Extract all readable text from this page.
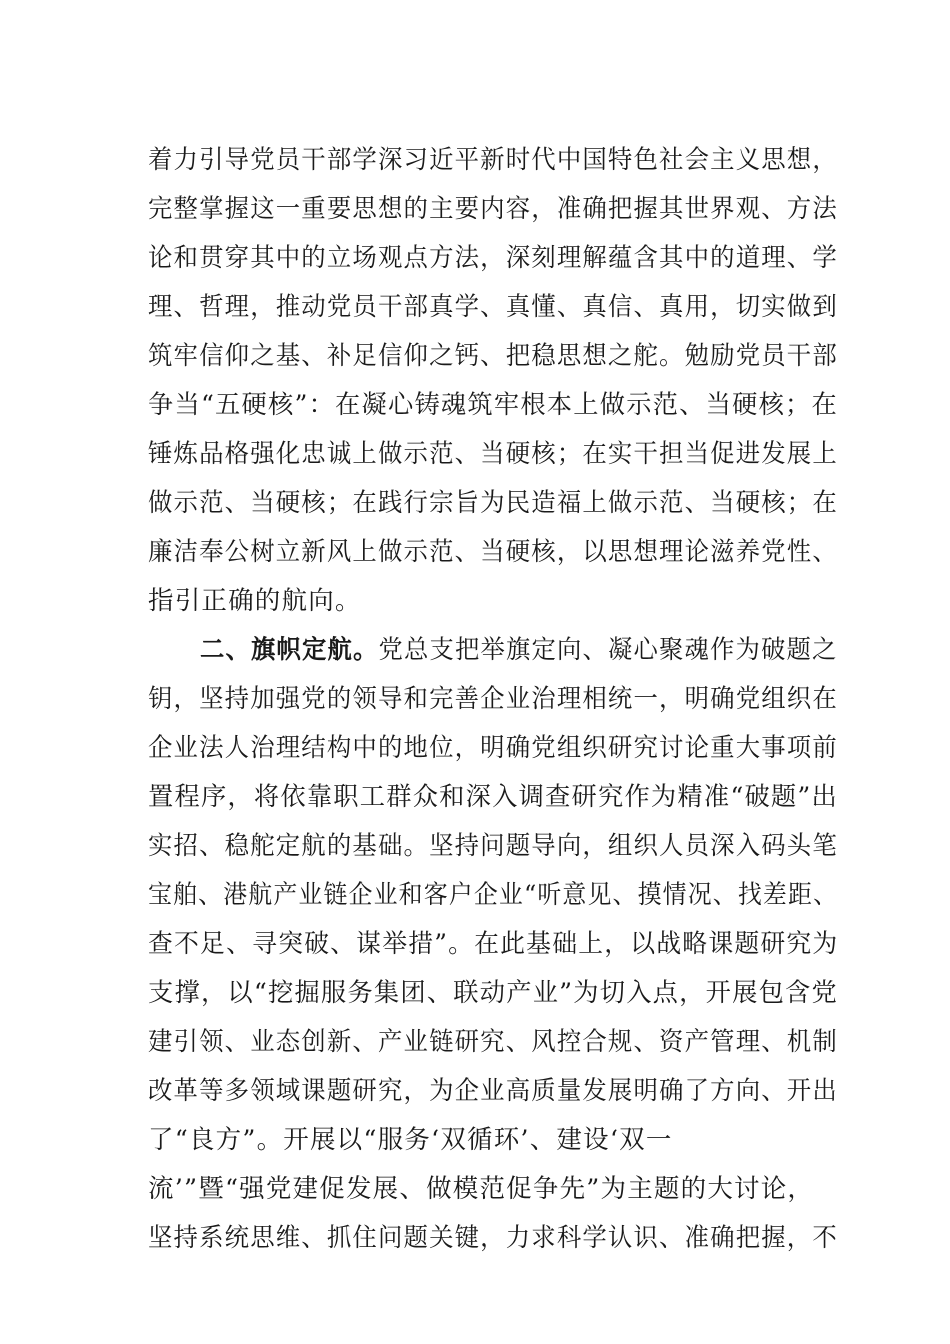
着力引导党员干部学深习近平新时代中国特色社会主义思想，
完整掌握这一重要思想的主要内容，准确把握其世界观、方法
论和贯穿其中的立场观点方法，深刻理解蕴含其中的道理、学
理、哲理，推动党员干部真学、真懂、真信、真用，切实做到
筑牢信仰之基、补足信仰之钙、把稳思想之舵。勉励党员干部
争当“五硬核”：在凝心铸魂筑牢根本上做示范、当硬核；在
锤炼品格强化忠诚上做示范、当硬核；在实干担当促进发展上
做示范、当硬核；在践行宗旨为民造福上做示范、当硬核；在
廉洁奉公树立新风上做示范、当硬核，以思想理论滋养党性、
指引正确的航向。
二、旗帜定航。党总支把举旗定向、凝心聚魂作为破题之
钥，坚持加强党的领导和完善企业治理相统一，明确党组织在
企业法人治理结构中的地位，明确党组织研究讨论重大事项前
置程序，将依靠职工群众和深入调查研究作为精准“破题”出
实招、稳舵定航的基础。坚持问题导向，组织人员深入码头笔
宝舶、港航产业链企业和客户企业“听意见、摸情况、找差距、
查不足、寻突破、谋举措”。在此基础上，以战略课题研究为
支撑，以“挖掘服务集团、联动产业”为切入点，开展包含党
建引领、业态创新、产业链研究、风控合规、资产管理、机制
改革等多领域课题研究，为企业高质量发展明确了方向、开出
了“良方”。开展以“服务‘双循环’、建设‘双一
流’”暨“强党建促发展、做模范促争先”为主题的大讨论，
坚持系统思维、抓住问题关键，力求科学认识、准确把握，不
